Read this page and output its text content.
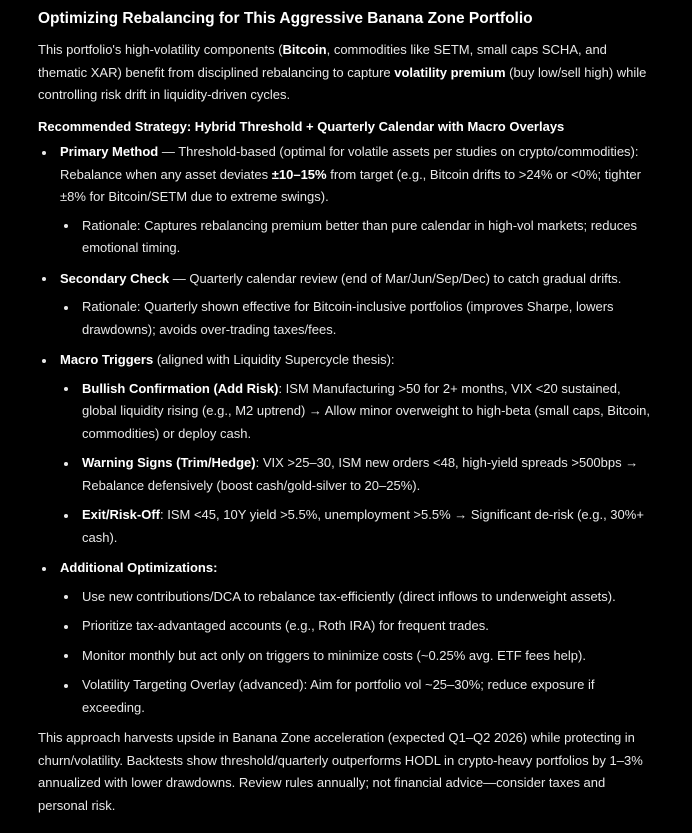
Optimizing Rebalancing for This Aggressive Banana Zone Portfolio

This portfolio's high-volatility components (Bitcoin, commodities like SETM, small caps SCHA, and thematic XAR) benefit from disciplined rebalancing to capture volatility premium (buy low/sell high) while controlling risk drift in liquidity-driven cycles.

Recommended Strategy: Hybrid Threshold + Quarterly Calendar with Macro Overlays

Primary Method — Threshold-based (optimal for volatile assets per studies on crypto/commodities): Rebalance when any asset deviates ±10–15% from target (e.g., Bitcoin drifts to >24% or <0%; tighter ±8% for Bitcoin/SETM due to extreme swings).
Rationale: Captures rebalancing premium better than pure calendar in high-vol markets; reduces emotional timing.
Secondary Check — Quarterly calendar review (end of Mar/Jun/Sep/Dec) to catch gradual drifts.
Rationale: Quarterly shown effective for Bitcoin-inclusive portfolios (improves Sharpe, lowers drawdowns); avoids over-trading taxes/fees.
Macro Triggers (aligned with Liquidity Supercycle thesis):
Bullish Confirmation (Add Risk): ISM Manufacturing >50 for 2+ months, VIX <20 sustained, global liquidity rising (e.g., M2 uptrend) → Allow minor overweight to high-beta (small caps, Bitcoin, commodities) or deploy cash.
Warning Signs (Trim/Hedge): VIX >25–30, ISM new orders <48, high-yield spreads >500bps → Rebalance defensively (boost cash/gold-silver to 20–25%).
Exit/Risk-Off: ISM <45, 10Y yield >5.5%, unemployment >5.5% → Significant de-risk (e.g., 30%+ cash).
Additional Optimizations:
Use new contributions/DCA to rebalance tax-efficiently (direct inflows to underweight assets).
Prioritize tax-advantaged accounts (e.g., Roth IRA) for frequent trades.
Monitor monthly but act only on triggers to minimize costs (~0.25% avg. ETF fees help).
Volatility Targeting Overlay (advanced): Aim for portfolio vol ~25–30%; reduce exposure if exceeding.

This approach harvests upside in Banana Zone acceleration (expected Q1–Q2 2026) while protecting in churn/volatility. Backtests show threshold/quarterly outperforms HODL in crypto-heavy portfolios by 1–3% annualized with lower drawdowns. Review rules annually; not financial advice—consider taxes and personal risk.
